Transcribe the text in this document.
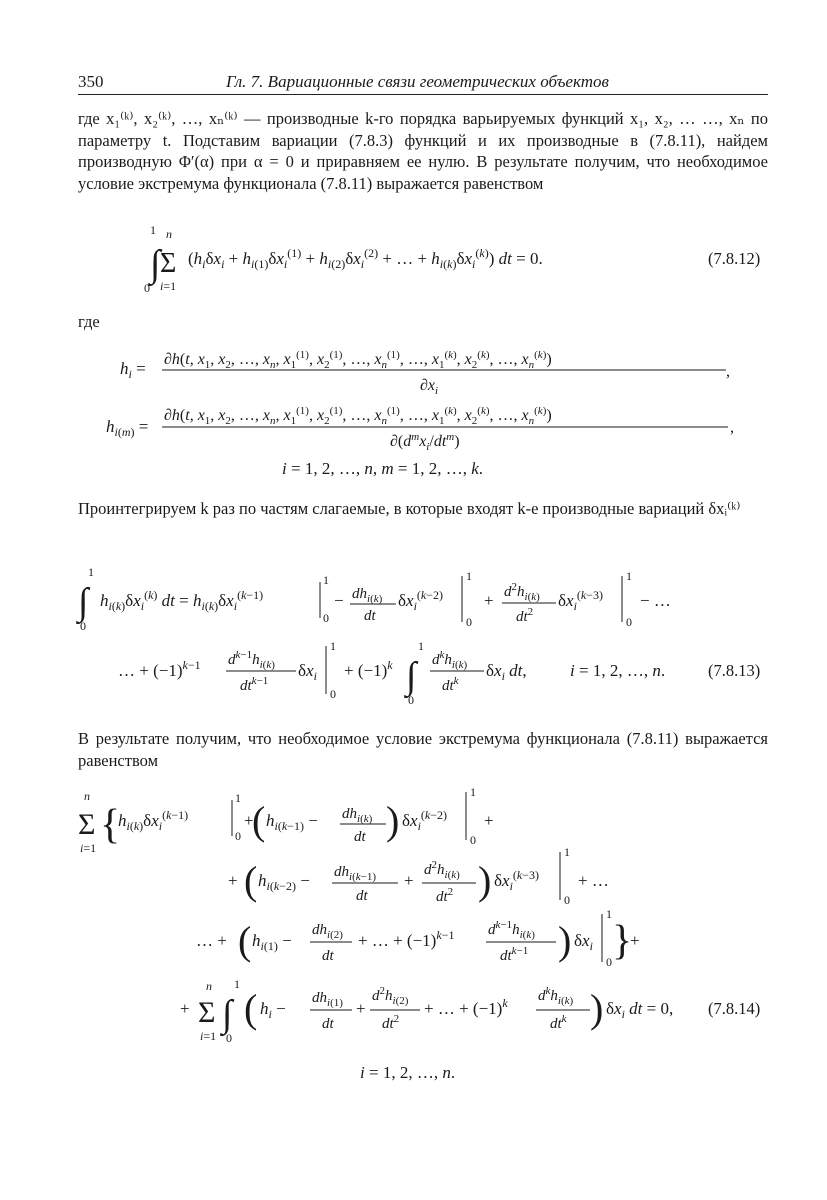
350	Гл. 7. Вариационные связи геометрических объектов

где x₁⁽ᵏ⁾, x₂⁽ᵏ⁾, …, xₙ⁽ᵏ⁾ — производные k-го порядка варьируемых функций x₁, x₂, … …, xₙ по параметру t. Подставим вариации (7.8.3) функций и их производные в (7.8.11), найдем производную Φ′(α) при α = 0 и приравняем ее нулю. В результате получим, что необходимое условие экстремума функционала (7.8.11) выражается равенством

∫
1
0
n
Σ
i=1
($h_i\delta x_i + h_{i(1)}\delta x_i^{(1)} + h_{i(2)}\delta x_i^{(2)}$ + … + $h_{i(k)}\delta x_i^{(k)}$) dt = 0.	(7.8.12)

где

$h_i = \partial h(t$, $x_1$, $x_2$, …, $x_n$, $x_1^{(1)}$, $x_2^{(1)}$, …, $x_n^{(1)}$, …, $x_1^{(k)}$, $x_2^{(k)}$, …, $x_n^{(k)}$)
$\partial x_i$
,
$h_{i(m)}$ =
∂h(t, $x_1$, $x_2$, …, $x_n$, $x_1^{(1)}$, $x_2^{(1)}$, …, $x_n^{(1)}$, …, $x_1^{(k)}$, $x_2^{(k)}$, …, $x_n^{(k)}$)
$\partial(d^mx_i/dt^m)$
,
i = 1, 2, …, n, m = 1, 2, …, k.

Проинтегрируем k раз по частям слагаемые, в которые входят k-е производные вариаций δxᵢ⁽ᵏ⁾

∫
1
0
$h_{i(k)}\delta x_i^{(k)}$ dt = $h_{i(k)}\delta x_i^{(k-1)}$
1
0
− $dh_{i(k)}$
dt
$\delta x_i^{(k-2)}$
1
0
+ $d^2h_{i(k)}$
$dt^2$
$\delta x_i^{(k-3)}$
1
0
− …
… + $(-1)^{k-1}$ $d^{k-1}h_{i(k)}$
$dt^{k-1}$
$\delta x_i$
1
0
+ $(-1)^k$ ∫
1
0
$d^kh_{i(k)}$
$dt^k$
$\delta x_i$ dt,	i = 1, 2, …, n.	(7.8.13)

В результате получим, что необходимое условие экстремума функционала (7.8.11) выражается равенством

n
Σ
i=1 {
$h_{i(k)}\delta x_i^{(k-1)}$
1
0
+
( $h_{i(k-1)} - dh_{i(k)}$
dt ) $\delta x_i^{(k-2)}$
1
0
+
+ ( $h_{i(k-2)} - dh_{i(k-1)}$
dt
+
$d^2h_{i(k)}$
$dt^2$ ) $\delta x_i^{(k-3)}$
1
0
+ …
… + ( $h_{i(1)}$ −
$dh_{i(2)}$
dt
+ … + $(-1)^{k-1}$ $d^{k-1}h_{i(k)}$
$dt^{k-1}$ ) $\delta x_i$
1
0 }
+
+
n
Σ
i=1
∫
1
0
( $h_i$ −
$dh_{i(1)}$
dt
+
$d^2h_{i(2)}$
$dt^2$
+ … + $(-1)^k$ $d^kh_{i(k)}$
$dt^k$ ) $\delta x_i$ dt = 0,
i = 1, 2, …, n.
(7.8.14)
